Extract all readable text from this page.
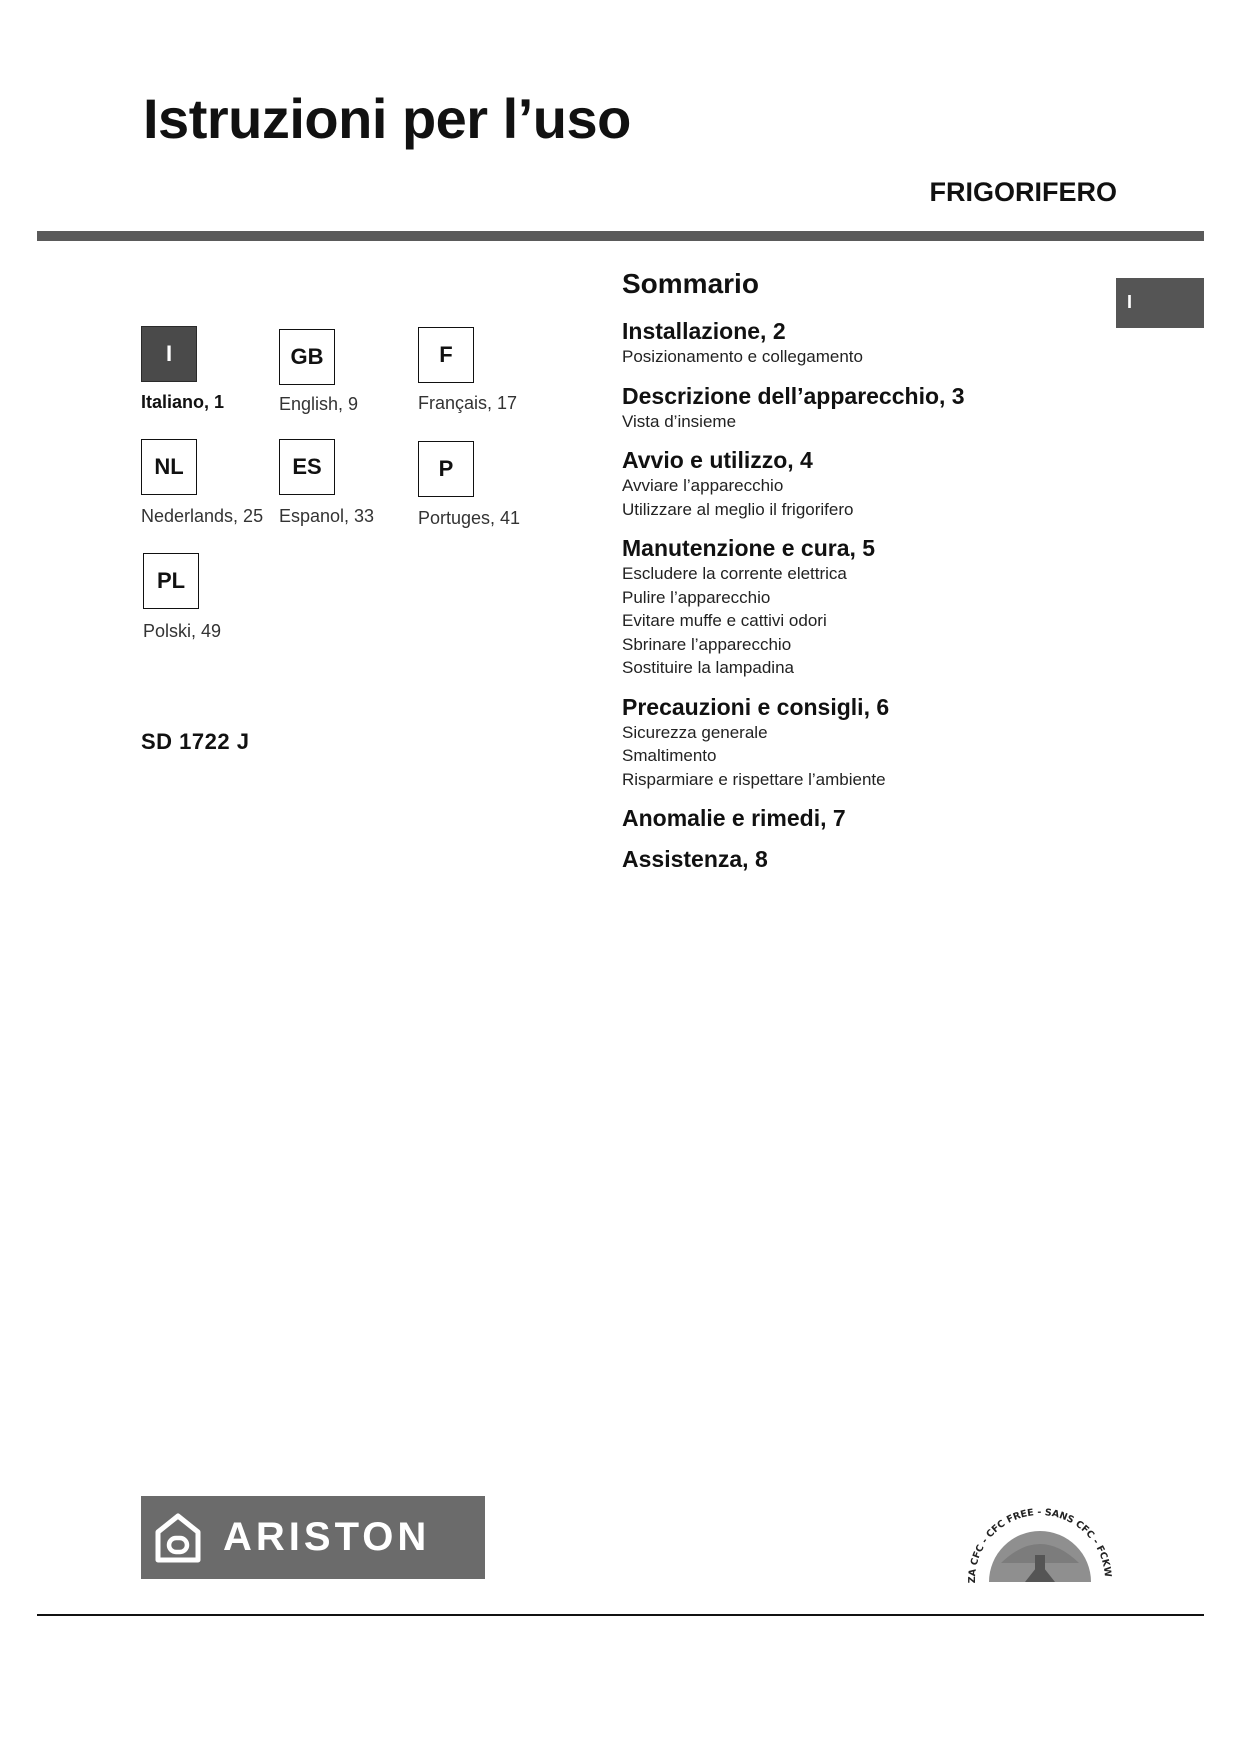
Istruzioni per l’uso
FRIGORIFERO
I
I
Italiano, 1
GB
English, 9
F
Français, 17
NL
Nederlands, 25
ES
Espanol, 33
P
Portuges, 41
PL
Polski, 49
SD 1722 J
Sommario
Installazione, 2
Posizionamento e collegamento
Descrizione dell’apparecchio, 3
Vista d’insieme
Avvio e utilizzo, 4
Avviare l’apparecchio
Utilizzare al meglio il frigorifero
Manutenzione e cura, 5
Escludere la corrente elettrica
Pulire l’apparecchio
Evitare muffe e cattivi odori
Sbrinare l’apparecchio
Sostituire la lampadina
Precauzioni e consigli, 6
Sicurezza generale
Smaltimento
Risparmiare e rispettare l’ambiente
Anomalie e rimedi, 7
Assistenza, 8
ARISTON
ZA CFC - CFC FREE - SANS CFC - FCKW
